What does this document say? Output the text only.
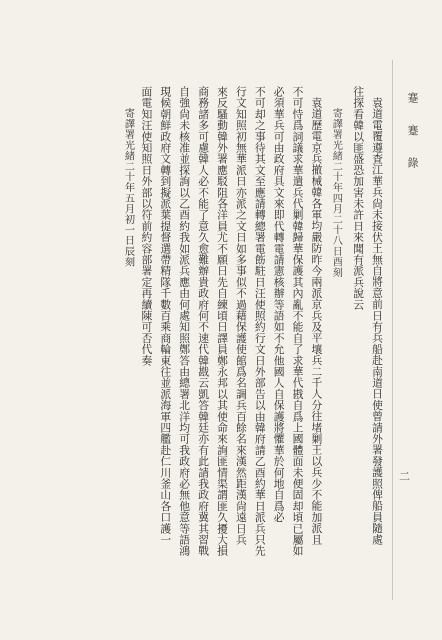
蹇 蹇 錄
二
袁道電覆遵査江華兵尙未接伏王無自將意前日有兵船赴南道日使曾請外署發護照俾船員隨處
往探看韓以匪盛恐加害未許日來聞有派兵說云
寄譯署光緒二十年四月二十八日酉刻
袁道歷電京兵撤械韓各軍均嚴防昨今兩派京兵及平壤兵二千人分往堵剿王以兵少不能加派且
不可恃爲詞議求華遣兵代剿韓歸華保護其內亂不能自了求華代戡自爲上國體面未便固却頃已屬如
必須華兵可由政府具文來即代轉電請憲核辦等語如不允他國人自保護將懼華於何地自爲必
不可却之事待其文至應請轉總署電飭駐日汪使照約行文日外部告以由韓府請乙酉約華日派兵只先
行文知照初無華派日亦派之文日如多事似不過藉保護使館爲名調兵百餘名來漢然距漢尙遠日兵
來反騷動韓外署應駁阻各洋員尤不願日先自練頃日譯員鄭永邦以其使命來詢匪情渠謂匪久擾大損
商務諸多可慮韓人必不能了意久愈難辦貴政府何不速代韓戡云凱答韓廷亦有此請我政府冀其習戰
自強尙未核准並探詢以乙酉約我如派兵應由何處知照鄭答由總署北洋均可我政府必無他意等語鴻
現候朝鮮政府文轉到擬派葉提督選帶精隊千數百乘商輪東往並派海軍四艦赴仁川釜山各口護一
面電知汪使知照日外部以符前約容部署定再續陳可否代奏
寄譯署光緒二十年五月初一日辰刻
